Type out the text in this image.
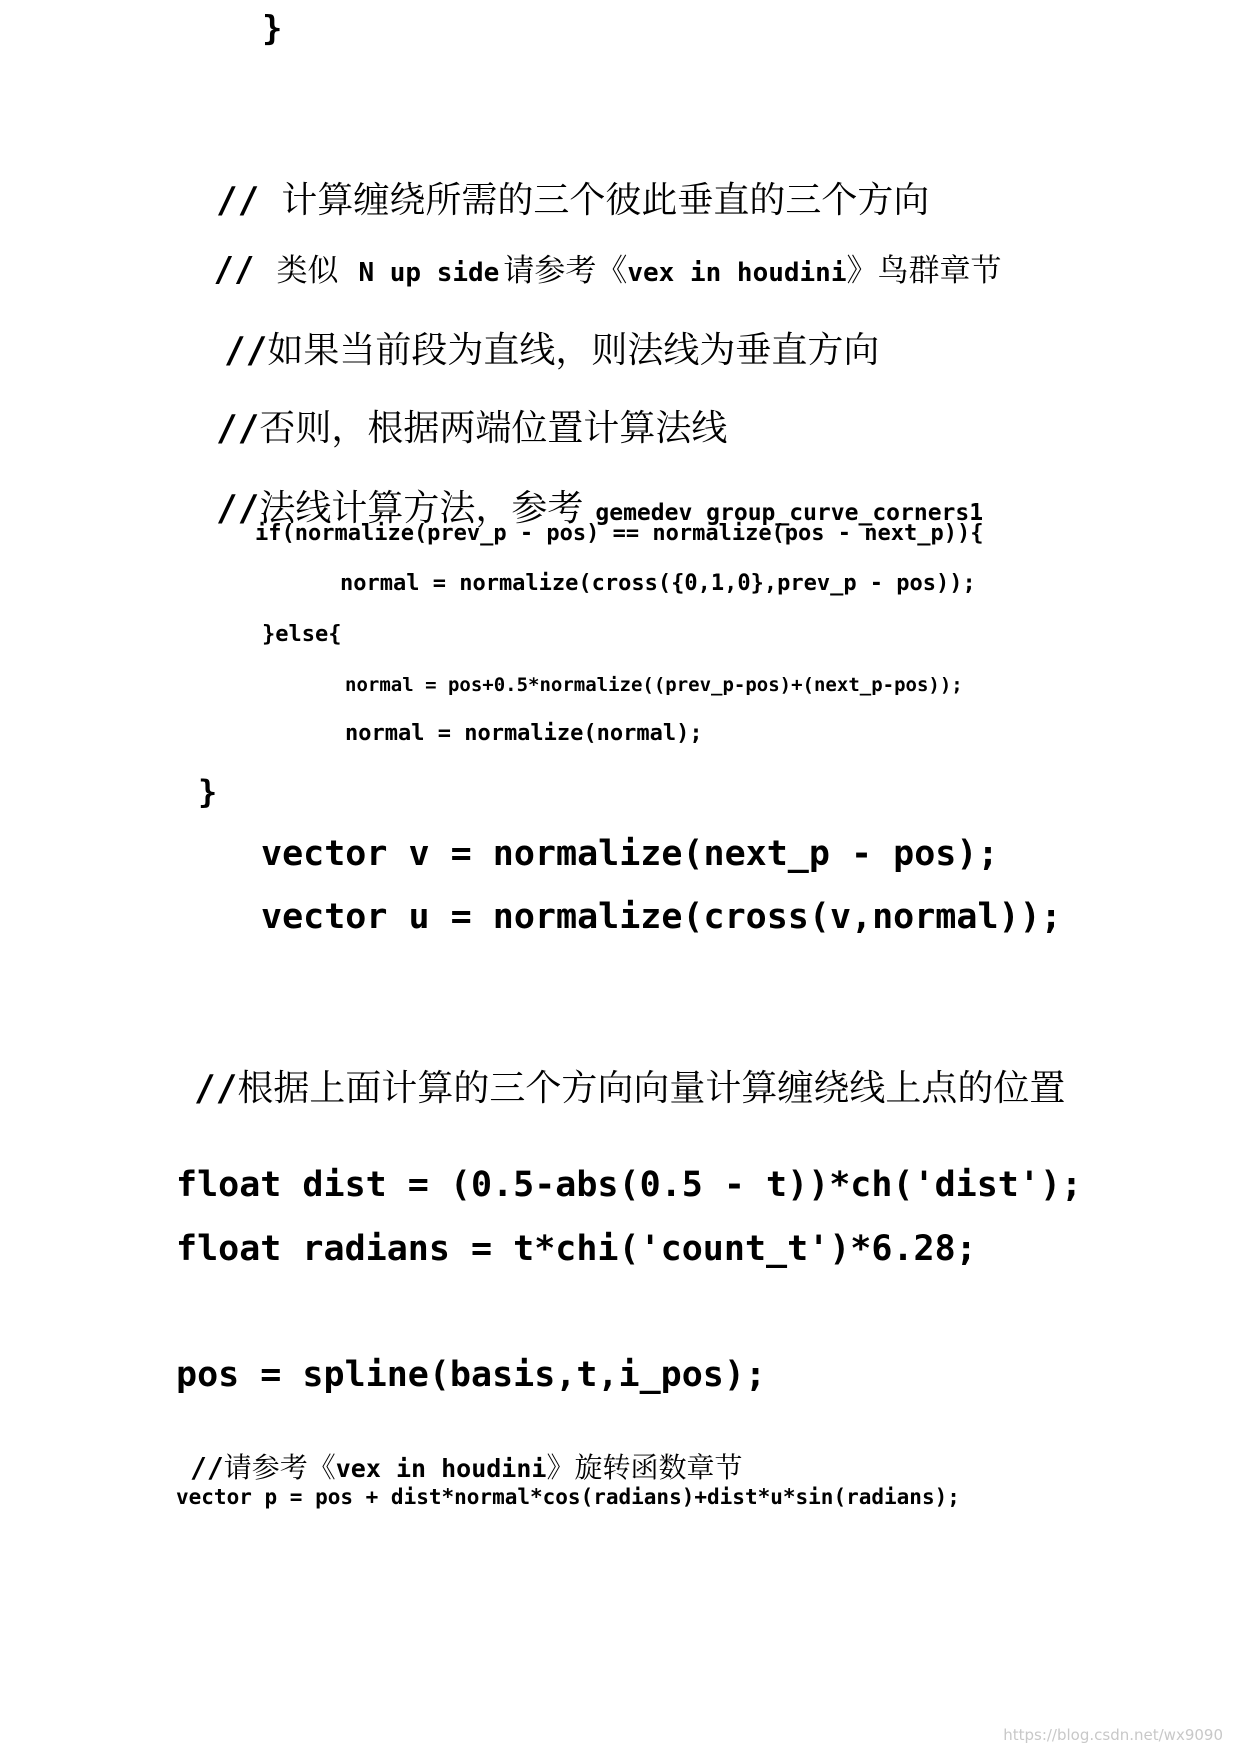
}

// 计算缠绕所需的三个彼此垂直的三个方向

// 类似 N up side 请参考《vex in houdini》鸟群章节

//如果当前段为直线，则法线为垂直方向

//否则，根据两端位置计算法线

//法线计算方法，参考 gemedev group_curve_corners1

if(normalize(prev_p - pos) == normalize(pos - next_p)){
normal = normalize(cross({0,1,0},prev_p - pos));
}else{
normal = pos+0.5*normalize((prev_p-pos)+(next_p-pos));
normal = normalize(normal);
}
vector v = normalize(next_p - pos);
vector u = normalize(cross(v,normal));

//根据上面计算的三个方向向量计算缠绕线上点的位置

float dist = (0.5-abs(0.5 - t))*ch('dist');
float radians = t*chi('count_t')*6.28;
pos = spline(basis,t,i_pos);

//请参考《vex in houdini》旋转函数章节

vector p = pos + dist*normal*cos(radians)+dist*u*sin(radians);
https://blog.csdn.net/wx9090
